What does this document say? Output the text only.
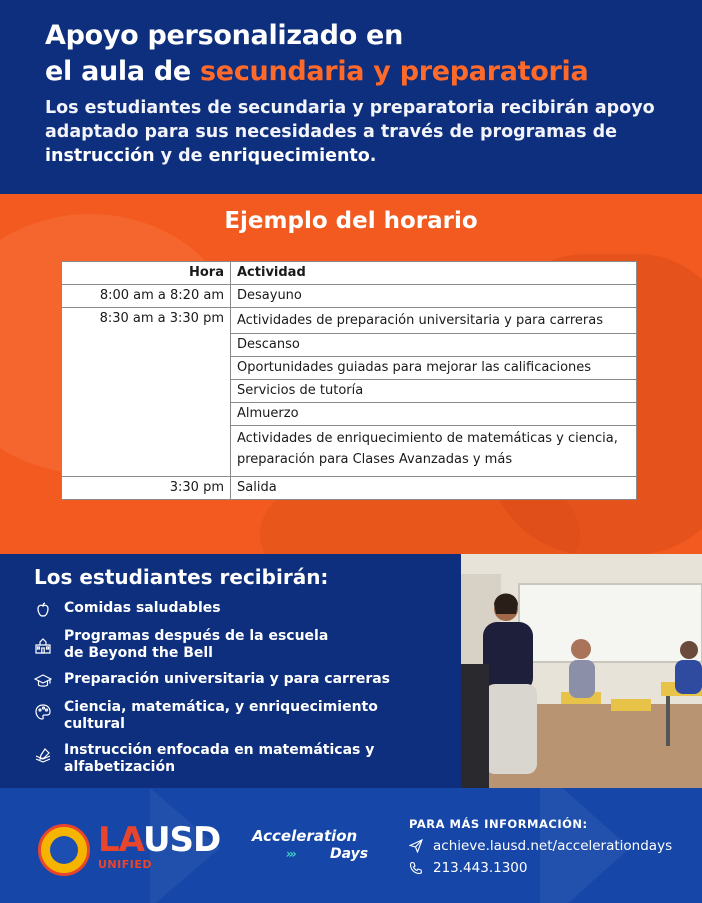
Apoyo personalizado en
el aula de secundaria y preparatoria

Los estudiantes de secundaria y preparatoria recibirán apoyo adaptado para sus necesidades a través de programas de instrucción y de enriquecimiento.

Ejemplo del horario
Hora	Actividad
8:00 am a 8:20 am	Desayuno
8:30 am a 3:30 pm	Actividades de preparación universitaria y para carreras
	Descanso
	Oportunidades guiadas para mejorar las calificaciones
	Servicios de tutoría
	Almuerzo
	Actividades de enriquecimiento de matemáticas y ciencia, preparación para Clases Avanzadas y más
3:30 pm	Salida
Los estudiantes recibirán:
Comidas saludables
Programas después de la escuela
de Beyond the Bell
Preparación universitaria y para carreras
Ciencia, matemática, y enriquecimiento
cultural
Instrucción enfocada en matemáticas y
alfabetización
LAUSD
UNIFIED
Acceleration
›››	Days
PARA MÁS INFORMACIÓN:
achieve.lausd.net/accelerationdays
213.443.1300
